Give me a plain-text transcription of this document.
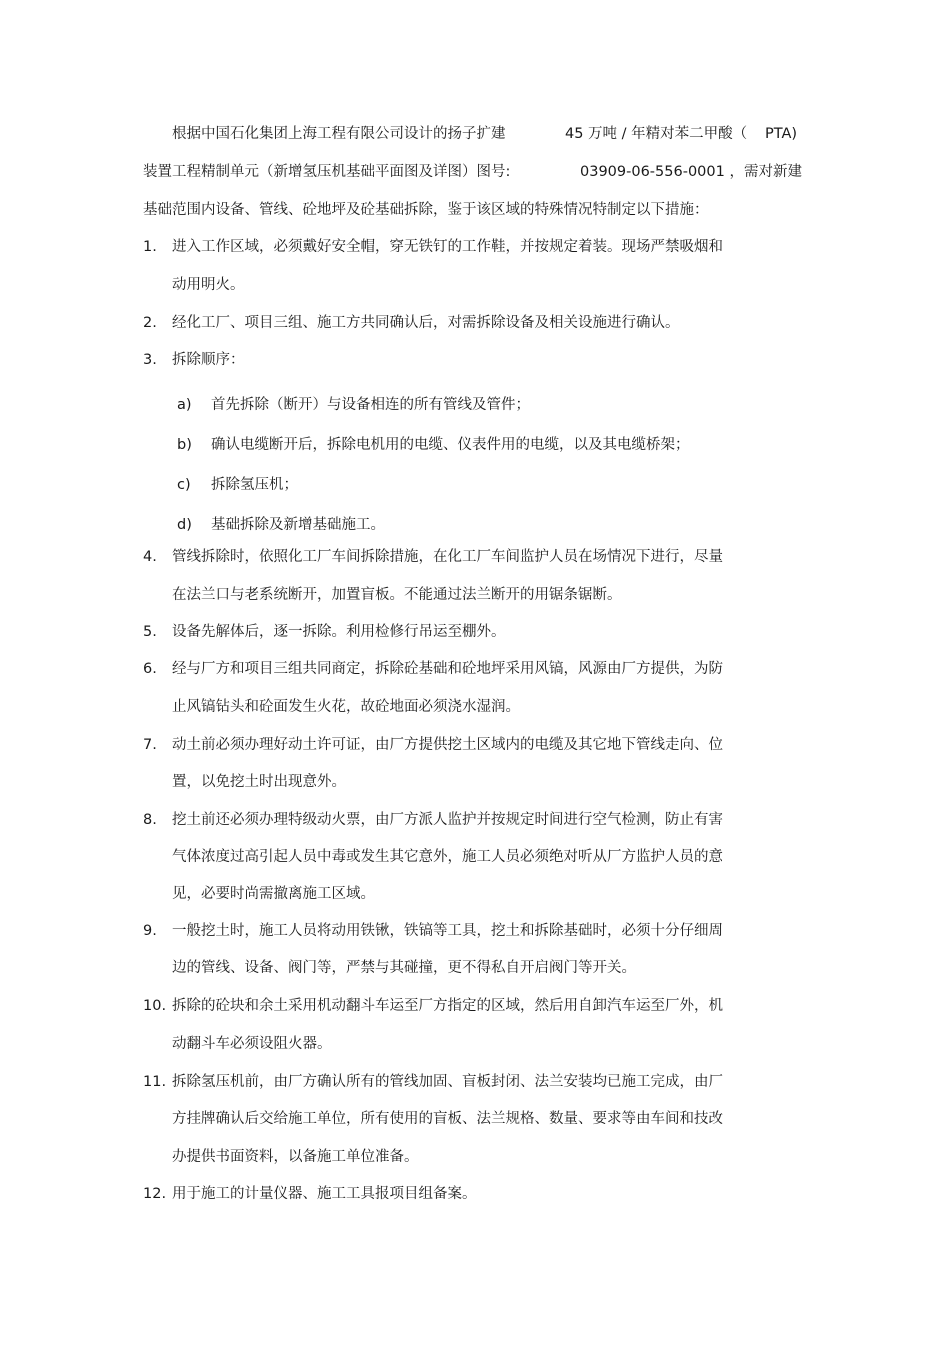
根据中国石化集团上海工程有限公司设计的扬子扩建	45 万吨 / 年精对苯二甲酸（ PTA)
装置工程精制单元（新增氢压机基础平面图及详图）图号:	03909-06-556-0001 ，需对新建
基础范围内设备、管线、砼地坪及砼基础拆除，鉴于该区域的特殊情况特制定以下措施：
1. 进入工作区域，必须戴好安全帽，穿无铁钉的工作鞋，并按规定着装。现场严禁吸烟和
动用明火。
2. 经化工厂、项目三组、施工方共同确认后，对需拆除设备及相关设施进行确认。
3. 拆除顺序：
a) 首先拆除（断开）与设备相连的所有管线及管件；
b) 确认电缆断开后，拆除电机用的电缆、仪表件用的电缆，以及其电缆桥架；
c) 拆除氢压机；
d) 基础拆除及新增基础施工。
4. 管线拆除时，依照化工厂车间拆除措施，在化工厂车间监护人员在场情况下进行，尽量
在法兰口与老系统断开，加置盲板。不能通过法兰断开的用锯条锯断。
5. 设备先解体后，逐一拆除。利用检修行吊运至棚外。
6. 经与厂方和项目三组共同商定，拆除砼基础和砼地坪采用风镐，风源由厂方提供，为防
止风镐钻头和砼面发生火花，故砼地面必须浇水湿润。
7. 动土前必须办理好动土许可证，由厂方提供挖土区域内的电缆及其它地下管线走向、位
置，以免挖土时出现意外。
8. 挖土前还必须办理特级动火票，由厂方派人监护并按规定时间进行空气检测，防止有害
气体浓度过高引起人员中毒或发生其它意外，施工人员必须绝对听从厂方监护人员的意
见，必要时尚需撤离施工区域。
9. 一般挖土时，施工人员将动用铁锹，铁镐等工具，挖土和拆除基础时，必须十分仔细周
边的管线、设备、阀门等，严禁与其碰撞，更不得私自开启阀门等开关。
10. 拆除的砼块和余土采用机动翻斗车运至厂方指定的区域，然后用自卸汽车运至厂外，机
动翻斗车必须设阻火器。
11. 拆除氢压机前，由厂方确认所有的管线加固、盲板封闭、法兰安装均已施工完成，由厂
方挂牌确认后交给施工单位，所有使用的盲板、法兰规格、数量、要求等由车间和技改
办提供书面资料，以备施工单位准备。
12. 用于施工的计量仪器、施工工具报项目组备案。
